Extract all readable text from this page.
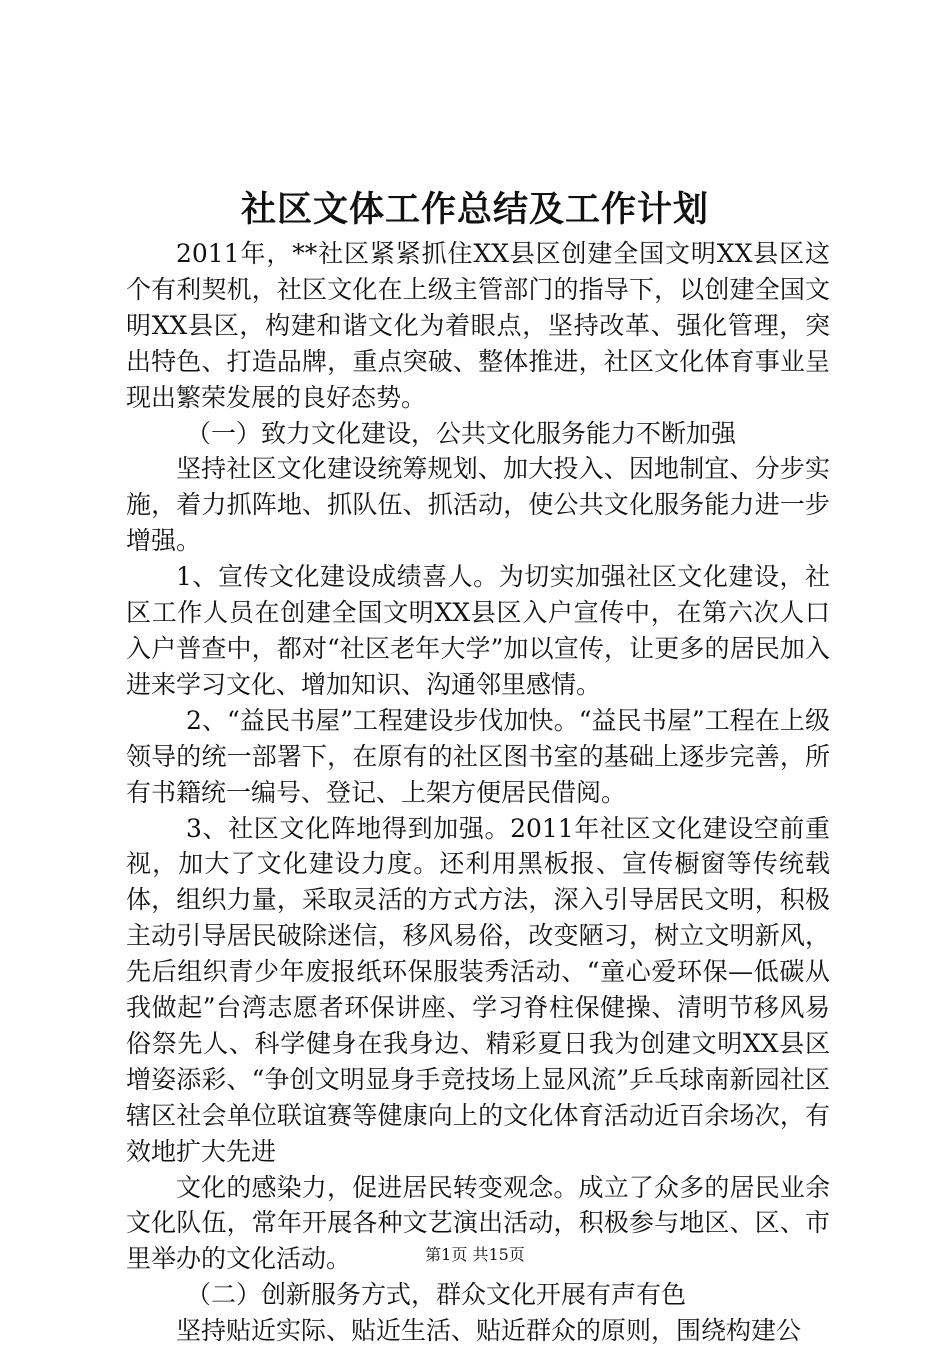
社区文体工作总结及工作计划

2011年，**社区紧紧抓住XX县区创建全国文明XX县区这个有利契机，社区文化在上级主管部门的指导下，以创建全国文明XX县区，构建和谐文化为着眼点，坚持改革、强化管理，突出特色、打造品牌，重点突破、整体推进，社区文化体育事业呈现出繁荣发展的良好态势。

（一）致力文化建设，公共文化服务能力不断加强

坚持社区文化建设统筹规划、加大投入、因地制宜、分步实施，着力抓阵地、抓队伍、抓活动，使公共文化服务能力进一步增强。

1、宣传文化建设成绩喜人。为切实加强社区文化建设，社区工作人员在创建全国文明XX县区入户宣传中，在第六次人口入户普查中，都对“社区老年大学”加以宣传，让更多的居民加入进来学习文化、增加知识、沟通邻里感情。

2、“益民书屋”工程建设步伐加快。“益民书屋”工程在上级领导的统一部署下，在原有的社区图书室的基础上逐步完善，所有书籍统一编号、登记、上架方便居民借阅。

3、社区文化阵地得到加强。2011年社区文化建设空前重视，加大了文化建设力度。还利用黑板报、宣传橱窗等传统载体，组织力量，采取灵活的方式方法，深入引导居民文明，积极主动引导居民破除迷信，移风易俗，改变陋习，树立文明新风，先后组织青少年废报纸环保服装秀活动、“童心爱环保—低碳从我做起”台湾志愿者环保讲座、学习脊柱保健操、清明节移风易俗祭先人、科学健身在我身边、精彩夏日我为创建文明XX县区增姿添彩、“争创文明显身手竞技场上显风流”乒乓球南新园社区辖区社会单位联谊赛等健康向上的文化体育活动近百余场次，有效地扩大先进

文化的感染力，促进居民转变观念。成立了众多的居民业余文化队伍，常年开展各种文艺演出活动，积极参与地区、区、市里举办的文化活动。

（二）创新服务方式，群众文化开展有声有色

坚持贴近实际、贴近生活、贴近群众的原则，围绕构建公

第1页 共15页
